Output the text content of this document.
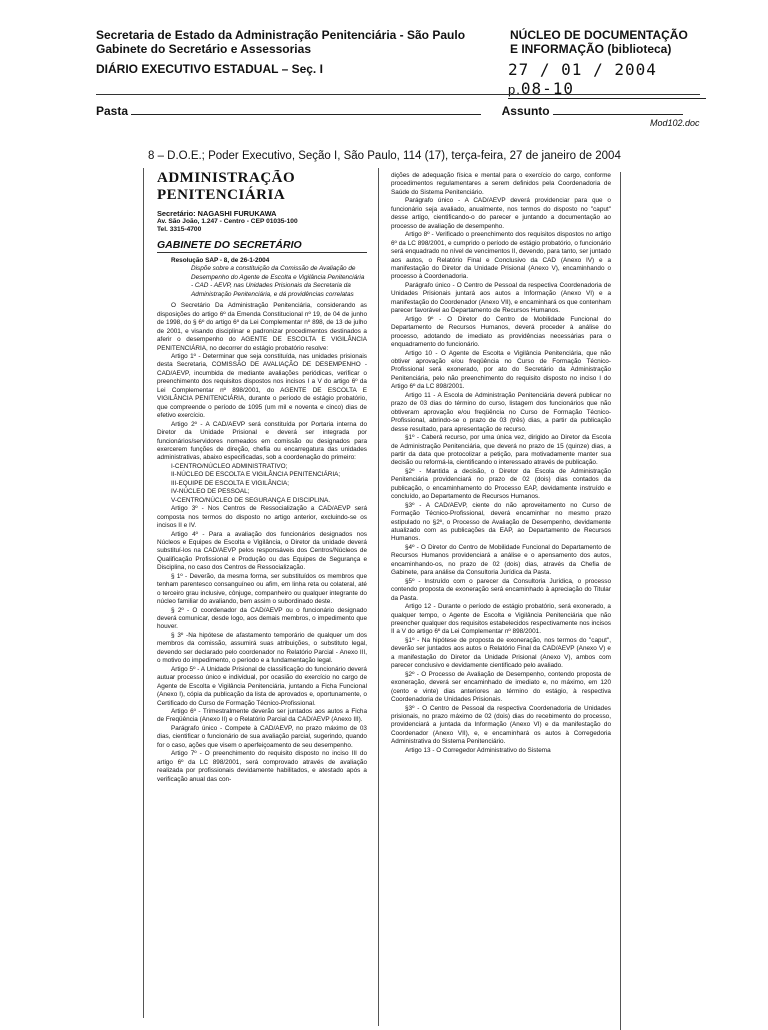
Secretaria de Estado da Administração Penitenciária - São Paulo
Gabinete do Secretário e Assessorias
DIÁRIO EXECUTIVO ESTADUAL – Seç. I
NÚCLEO DE DOCUMENTAÇÃO
E INFORMAÇÃO (biblioteca)
27 / 01 / 2004 p.08-10
Pasta	Assunto
Mod102.doc
8 – D.O.E.; Poder Executivo, Seção I, São Paulo, 114 (17), terça-feira, 27 de janeiro de 2004
ADMINISTRAÇÃO
PENITENCIÁRIA
Secretário: NAGASHI FURUKAWA
Av. São João, 1.247 - Centro - CEP 01035-100
Tel. 3315-4700
GABINETE DO SECRETÁRIO
Resolução SAP - 8, de 26-1-2004
Dispõe sobre a constituição da Comissão de Avaliação de Desempenho do Agente de Escolta e Vigilância Penitenciária - CAD - AEVP, nas Unidades Prisionais da Secretaria da Administração Penitenciária, e dá providências correlatas

O Secretário Da Administração Penitenciária, considerando as disposições do artigo 6º da Emenda Constitucional nº 19, de 04 de junho de 1998, do § 6º do artigo 6º da Lei Complementar nº 898, de 13 de julho de 2001, e visando disciplinar e padronizar procedimentos destinados a aferir o desempenho do AGENTE DE ESCOLTA E VIGILÂNCIA PENITENCIÁRIA, no decorrer do estágio probatório resolve:

Artigo 1º - Determinar que seja constituída, nas unidades prisionais desta Secretaria, COMISSÃO DE AVALIAÇÃO DE DESEMPENHO - CAD/AEVP, incumbida de mediante avaliações periódicas, verificar o preenchimento dos requisitos dispostos nos incisos I a V do artigo 6º da Lei Complementar nº 898/2001, do AGENTE DE ESCOLTA E VIGILÂNCIA PENITENCIÁRIA, durante o período de estágio probatório, que compreende o período de 1095 (um mil e noventa e cinco) dias de efetivo exercício.

Artigo 2º - A CAD/AEVP será constituída por Portaria interna do Diretor da Unidade Prisional e deverá ser integrada por funcionários/servidores nomeados em comissão ou designados para exercerem funções de direção, chefia ou encarregatura das unidades administrativas, abaixo especificadas, sob a coordenação do primeiro:

I-CENTRO/NÚCLEO ADMINISTRATIVO;

II-NÚCLEO DE ESCOLTA E VIGILÂNCIA PENITENCIÁRIA;

III-EQUIPE DE ESCOLTA E VIGILÂNCIA;

IV-NÚCLEO DE PESSOAL;

V-CENTRO/NÚCLEO DE SEGURANÇA E DISCIPLINA.

Artigo 3º - Nos Centros de Ressocialização a CAD/AEVP será composta nos termos do disposto no artigo anterior, excluindo-se os incisos II e IV.

Artigo 4º - Para a avaliação dos funcionários designados nos Núcleos e Equipes de Escolta e Vigilância, o Diretor da unidade deverá substituí-los na CAD/AEVP pelos responsáveis dos Centros/Núcleos de Qualificação Profissional e Produção ou das Equipes de Segurança e Disciplina, no caso dos Centros de Ressocialização.

§ 1º - Deverão, da mesma forma, ser substituídos os membros que tenham parentesco consanguíneo ou afim, em linha reta ou colateral, até o terceiro grau inclusive, cônjuge, companheiro ou qualquer integrante do núcleo familiar do avaliando, bem assim o subordinado deste.

§ 2º - O coordenador da CAD/AEVP ou o funcionário designado deverá comunicar, desde logo, aos demais membros, o impedimento que houver.

§ 3º -Na hipótese de afastamento temporário de qualquer um dos membros da comissão, assumirá suas atribuições, o substituto legal, devendo ser declarado pelo coordenador no Relatório Parcial - Anexo III, o motivo do impedimento, o período e a fundamentação legal.

Artigo 5º - A Unidade Prisional de classificação do funcionário deverá autuar processo único e individual, por ocasião do exercício no cargo de Agente de Escolta e Vigilância Penitenciária, juntando a Ficha Funcional (Anexo I), cópia da publicação da lista de aprovados e, oportunamente, o Certificado do Curso de Formação Técnico-Profissional.

Artigo 6º - Trimestralmente deverão ser juntados aos autos a Ficha de Freqüência (Anexo II) e o Relatório Parcial da CAD/AEVP (Anexo III).

Parágrafo único - Compete à CAD/AEVP, no prazo máximo de 03 dias, cientificar o funcionário de sua avaliação parcial, sugerindo, quando for o caso, ações que visem o aperfeiçoamento de seu desempenho.

Artigo 7º - O preenchimento do requisito disposto no inciso III do artigo 6º da LC 898/2001, será comprovado através de avaliação realizada por profissionais devidamente habilitados, e atestado após a verificação anual das con-

dições de adequação física e mental para o exercício do cargo, conforme procedimentos regulamentares a serem definidos pela Coordenadoria de Saúde do Sistema Penitenciário.

Parágrafo único - A CAD/AEVP deverá providenciar para que o funcionário seja avaliado, anualmente, nos termos do disposto no "caput" desse artigo, cientificando-o do parecer e juntando a documentação ao processo de avaliação de desempenho.

Artigo 8º - Verificado o preenchimento dos requisitos dispostos no artigo 6º da LC 898/2001, e cumprido o período de estágio probatório, o funcionário será enquadrado no nível de vencimentos II, devendo, para tanto, ser juntado aos autos, o Relatório Final e Conclusivo da CAD (Anexo IV) e a manifestação do Diretor da Unidade Prisional (Anexo V), encaminhando o processo à Coordenadoria.

Parágrafo único - O Centro de Pessoal da respectiva Coordenadoria de Unidades Prisionais juntará aos autos a Informação (Anexo VI) e a manifestação do Coordenador (Anexo VII), e encaminhará os que contenham parecer favorável ao Departamento de Recursos Humanos.

Artigo 9º - O Diretor do Centro de Mobilidade Funcional do Departamento de Recursos Humanos, deverá proceder à análise do processo, adotando de imediato as providências necessárias para o enquadramento do funcionário.

Artigo 10 - O Agente de Escolta e Vigilância Penitenciária, que não obtiver aprovação e/ou freqüência no Curso de Formação Técnico-Profissional será exonerado, por ato do Secretário da Administração Penitenciária, pelo não preenchimento do requisito disposto no inciso I do Artigo 6º da LC 898/2001.

Artigo 11 - A Escola de Administração Penitenciária deverá publicar no prazo de 03 dias do término do curso, listagem dos funcionários que não obtiveram aprovação e/ou freqüência no Curso de Formação Técnico-Profissional, abrindo-se o prazo de 03 (três) dias, a partir da publicação desse resultado, para apresentação de recurso.

§1º - Caberá recurso, por uma única vez, dirigido ao Diretor da Escola de Administração Penitenciária, que deverá no prazo de 15 (quinze) dias, a partir da data que protocolizar a petição, para motivadamente manter sua decisão ou reformá-la, cientificando o interessado através de publicação.

§2º - Mantida a decisão, o Diretor da Escola de Administração Penitenciária providenciará no prazo de 02 (dois) dias contados da publicação, o encaminhamento do Processo EAP, devidamente instruído e concluído, ao Departamento de Recursos Humanos.

§3º - A CAD/AEVP, ciente do não aproveitamento no Curso de Formação Técnico-Profissional, deverá encaminhar no mesmo prazo estipulado no §2º, o Processo de Avaliação de Desempenho, devidamente atualizado com as publicações da EAP, ao Departamento de Recursos Humanos.

§4º - O Diretor do Centro de Mobilidade Funcional do Departamento de Recursos Humanos providenciará a análise e o apensamento dos autos, encaminhando-os, no prazo de 02 (dois) dias, através da Chefia de Gabinete, para análise da Consultoria Jurídica da Pasta.

§5º - Instruído com o parecer da Consultoria Jurídica, o processo contendo proposta de exoneração será encaminhado à apreciação do Titular da Pasta.

Artigo 12 - Durante o período de estágio probatório, será exonerado, a qualquer tempo, o Agente de Escolta e Vigilância Penitenciária que não preencher qualquer dos requisitos estabelecidos respectivamente nos incisos II a V do artigo 6º da Lei Complementar nº 898/2001.

§1º - Na hipótese de proposta de exoneração, nos termos do "caput", deverão ser juntados aos autos o Relatório Final da CAD/AEVP (Anexo V) e a manifestação do Diretor da Unidade Prisional (Anexo V), ambos com parecer conclusivo e devidamente cientificado pelo avaliado.

§2º - O Processo de Avaliação de Desempenho, contendo proposta de exoneração, deverá ser encaminhado de imediato e, no máximo, em 120 (cento e vinte) dias anteriores ao término do estágio, à respectiva Coordenadoria de Unidades Prisionais.

§3º - O Centro de Pessoal da respectiva Coordenadoria de Unidades prisionais, no prazo máximo de 02 (dois) dias do recebimento do processo, providenciará a juntada da Informação (Anexo VI) e da manifestação do Coordenador (Anexo VII), e, e encaminhará os autos à Corregedoria Administrativa do Sistema Penitenciário.

Artigo 13 - O Corregedor Administrativo do Sistema
